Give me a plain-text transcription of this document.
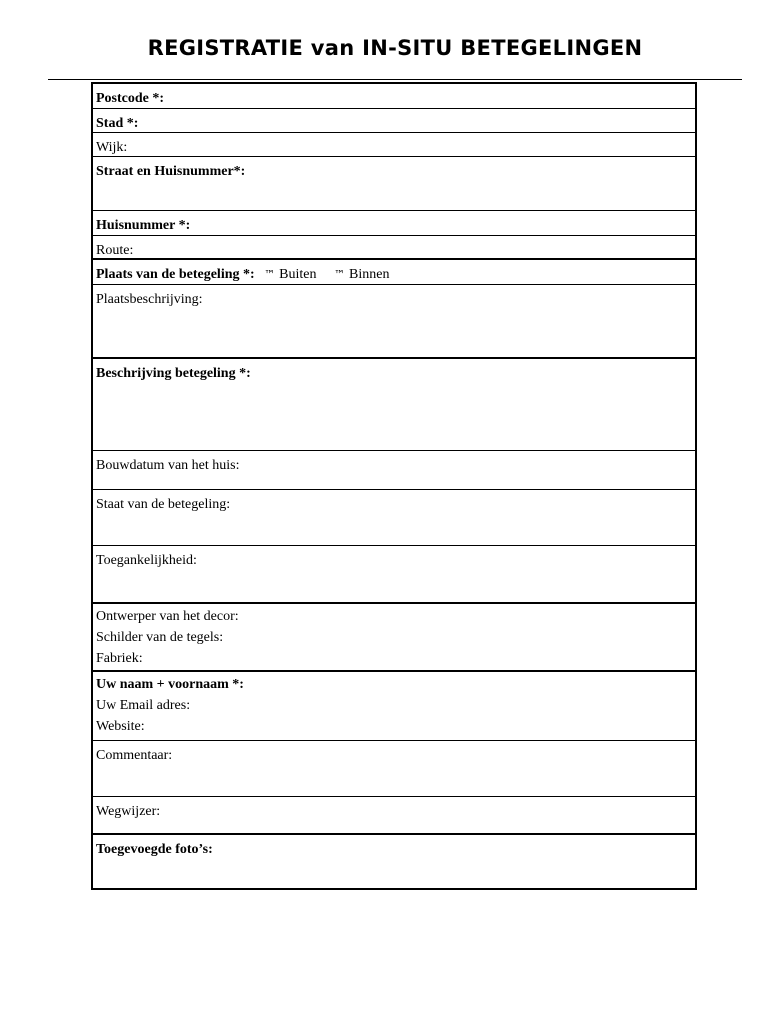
REGISTRATIE van IN-SITU BETEGELINGEN
Postcode *:
Stad *:
Wijk:
Straat en Huisnummer*:
Huisnummer *:
Route:
Plaats van de betegeling *: ™ Buiten ™ Binnen
Plaatsbeschrijving:
Beschrijving betegeling *:
Bouwdatum van het huis:
Staat van de betegeling:
Toegankelijkheid:
Ontwerper van het decor:
Schilder van de tegels:
Fabriek:
Uw naam + voornaam *:
Uw Email adres:
Website:
Commentaar:
Wegwijzer:
Toegevoegde foto’s:
